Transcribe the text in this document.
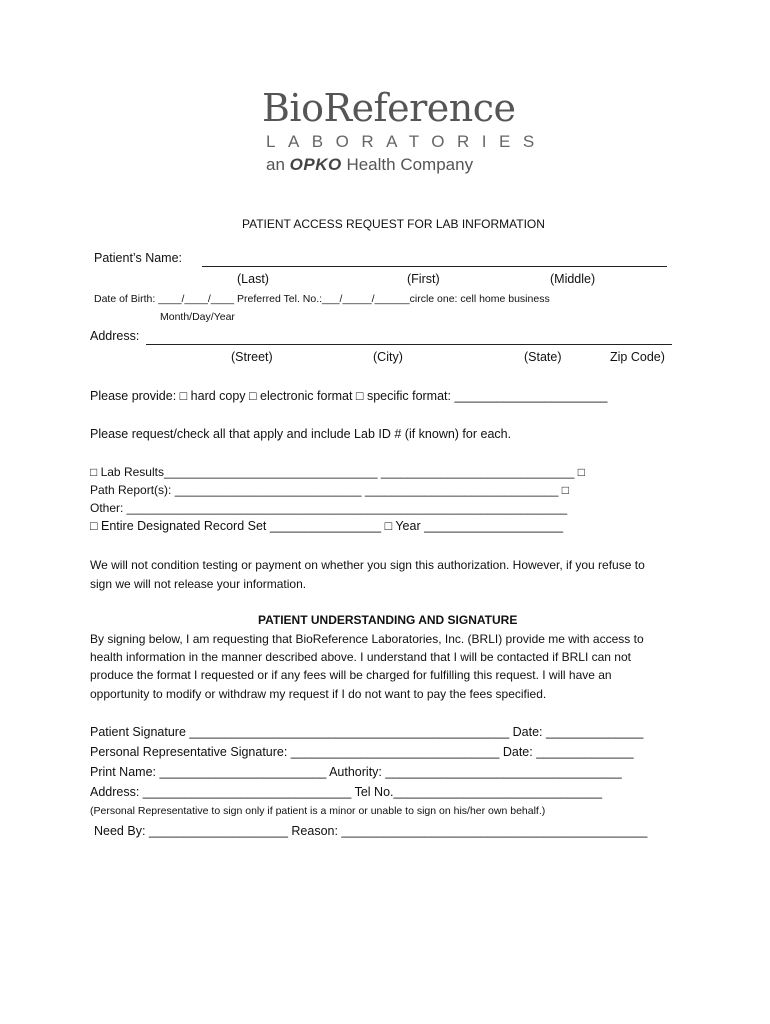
BioReference
LABORATORIES
an OPKO Health Company
PATIENT ACCESS REQUEST FOR LAB INFORMATION
Patient’s Name:
(Last)	(First)	(Middle)
Date of Birth: ____/____/____ Preferred Tel. No.:___/_____/______circle one: cell home business
Month/Day/Year
Address:
(Street)	(City)	(State)	Zip Code)
Please provide: □ hard copy □ electronic format □ specific format: ______________________
Please request/check all that apply and include Lab ID # (if known) for each.
□ Lab Results________________________________ _____________________________ □
Path Report(s): ____________________________ _____________________________ □
Other: __________________________________________________________________
□ Entire Designated Record Set ________________ □ Year ____________________
We will not condition testing or payment on whether you sign this authorization. However, if you refuse to
sign we will not release your information.
PATIENT UNDERSTANDING AND SIGNATURE
By signing below, I am requesting that BioReference Laboratories, Inc. (BRLI) provide me with access to
health information in the manner described above. I understand that I will be contacted if BRLI can not
produce the format I requested or if any fees will be charged for fulfilling this request. I will have an
opportunity to modify or withdraw my request if I do not want to pay the fees specified.
Patient Signature ______________________________________________ Date: ______________
Personal Representative Signature: ______________________________ Date: ______________
Print Name: ________________________ Authority: __________________________________
Address: ______________________________ Tel No.______________________________
(Personal Representative to sign only if patient is a minor or unable to sign on his/her own behalf.)
Need By: ____________________ Reason: ____________________________________________
